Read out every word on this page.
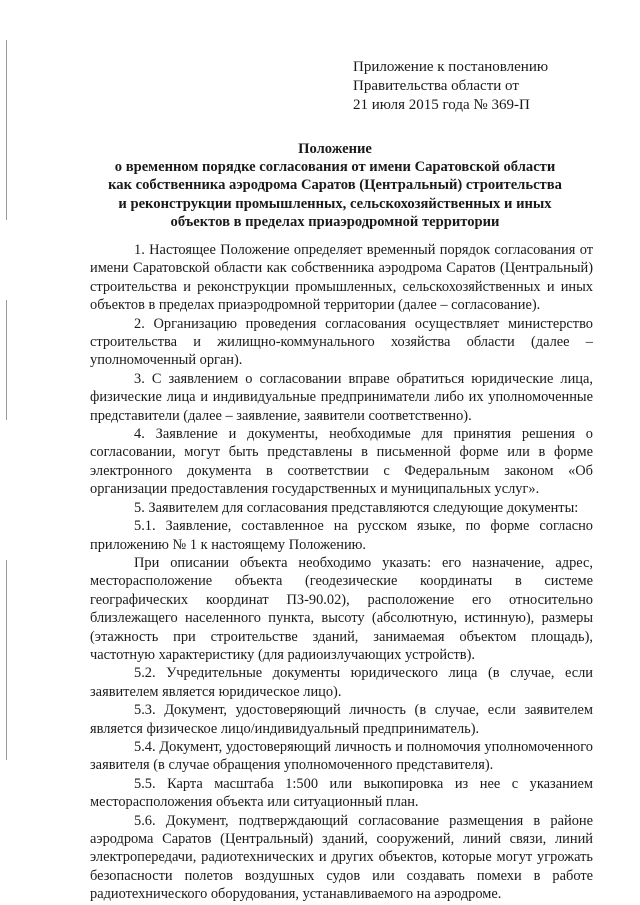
Приложение к постановлению
Правительства области от
21 июля 2015 года № 369-П
Положение
о временном порядке согласования от имени Саратовской области
как собственника аэродрома Саратов (Центральный) строительства
и реконструкции промышленных, сельскохозяйственных и иных
объектов в пределах приаэродромной территории

1. Настоящее Положение определяет временный порядок согласования от имени Саратовской области как собственника аэродрома Саратов (Центральный) строительства и реконструкции промышленных, сельскохозяйственных и иных объектов в пределах приаэродромной территории (далее – согласование).

2. Организацию проведения согласования осуществляет министерство строительства и жилищно-коммунального хозяйства области (далее – уполномоченный орган).

3. С заявлением о согласовании вправе обратиться юридические лица, физические лица и индивидуальные предприниматели либо их уполномоченные представители (далее – заявление, заявители соответственно).

4. Заявление и документы, необходимые для принятия решения о согласовании, могут быть представлены в письменной форме или в форме электронного документа в соответствии с Федеральным законом «Об организации предоставления государственных и муниципальных услуг».

5. Заявителем для согласования представляются следующие документы:

5.1. Заявление, составленное на русском языке, по форме согласно приложению № 1 к настоящему Положению.

При описании объекта необходимо указать: его назначение, адрес, месторасположение объекта (геодезические координаты в системе географических координат ПЗ-90.02), расположение его относительно близлежащего населенного пункта, высоту (абсолютную, истинную), размеры (этажность при строительстве зданий, занимаемая объектом площадь), частотную характеристику (для радиоизлучающих устройств).

5.2. Учредительные документы юридического лица (в случае, если заявителем является юридическое лицо).

5.3. Документ, удостоверяющий личность (в случае, если заявителем является физическое лицо/индивидуальный предприниматель).

5.4. Документ, удостоверяющий личность и полномочия уполномоченного заявителя (в случае обращения уполномоченного представителя).

5.5. Карта масштаба 1:500 или выкопировка из нее с указанием месторасположения объекта или ситуационный план.

5.6. Документ, подтверждающий согласование размещения в районе аэродрома Саратов (Центральный) зданий, сооружений, линий связи, линий электропередачи, радиотехнических и других объектов, которые могут угрожать безопасности полетов воздушных судов или создавать помехи в работе радиотехнического оборудования, устанавливаемого на аэродроме.
